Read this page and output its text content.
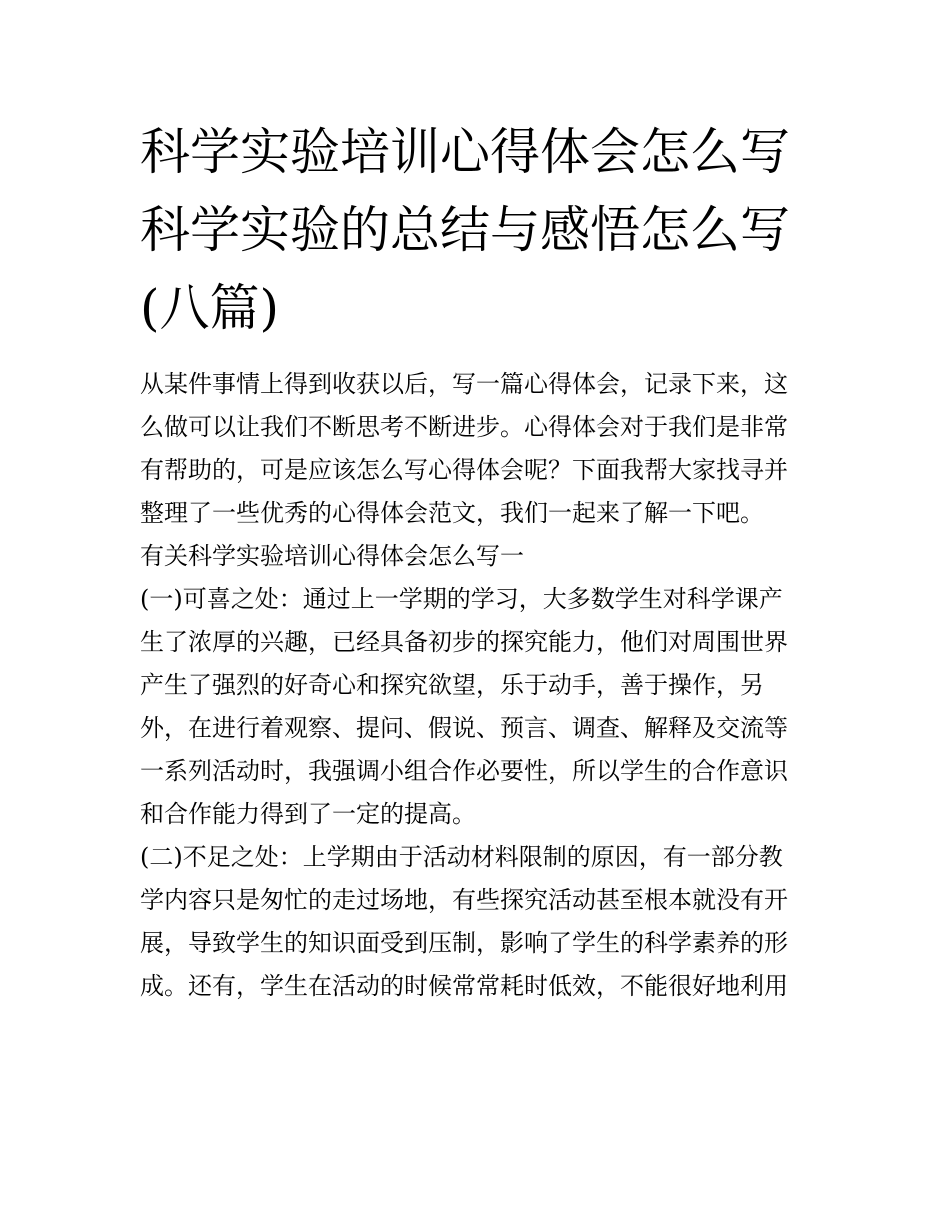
科学实验培训心得体会怎么写
科学实验的总结与感悟怎么写
(八篇)
从某件事情上得到收获以后，写一篇心得体会，记录下来，这
么做可以让我们不断思考不断进步。心得体会对于我们是非常
有帮助的，可是应该怎么写心得体会呢？下面我帮大家找寻并
整理了一些优秀的心得体会范文，我们一起来了解一下吧。
有关科学实验培训心得体会怎么写一
(一)可喜之处：通过上一学期的学习，大多数学生对科学课产
生了浓厚的兴趣，已经具备初步的探究能力，他们对周围世界
产生了强烈的好奇心和探究欲望，乐于动手，善于操作，另
外，在进行着观察、提问、假说、预言、调查、解释及交流等
一系列活动时，我强调小组合作必要性，所以学生的合作意识
和合作能力得到了一定的提高。
(二)不足之处：上学期由于活动材料限制的原因，有一部分教
学内容只是匆忙的走过场地，有些探究活动甚至根本就没有开
展，导致学生的知识面受到压制，影响了学生的科学素养的形
成。还有，学生在活动的时候常常耗时低效，不能很好地利用
